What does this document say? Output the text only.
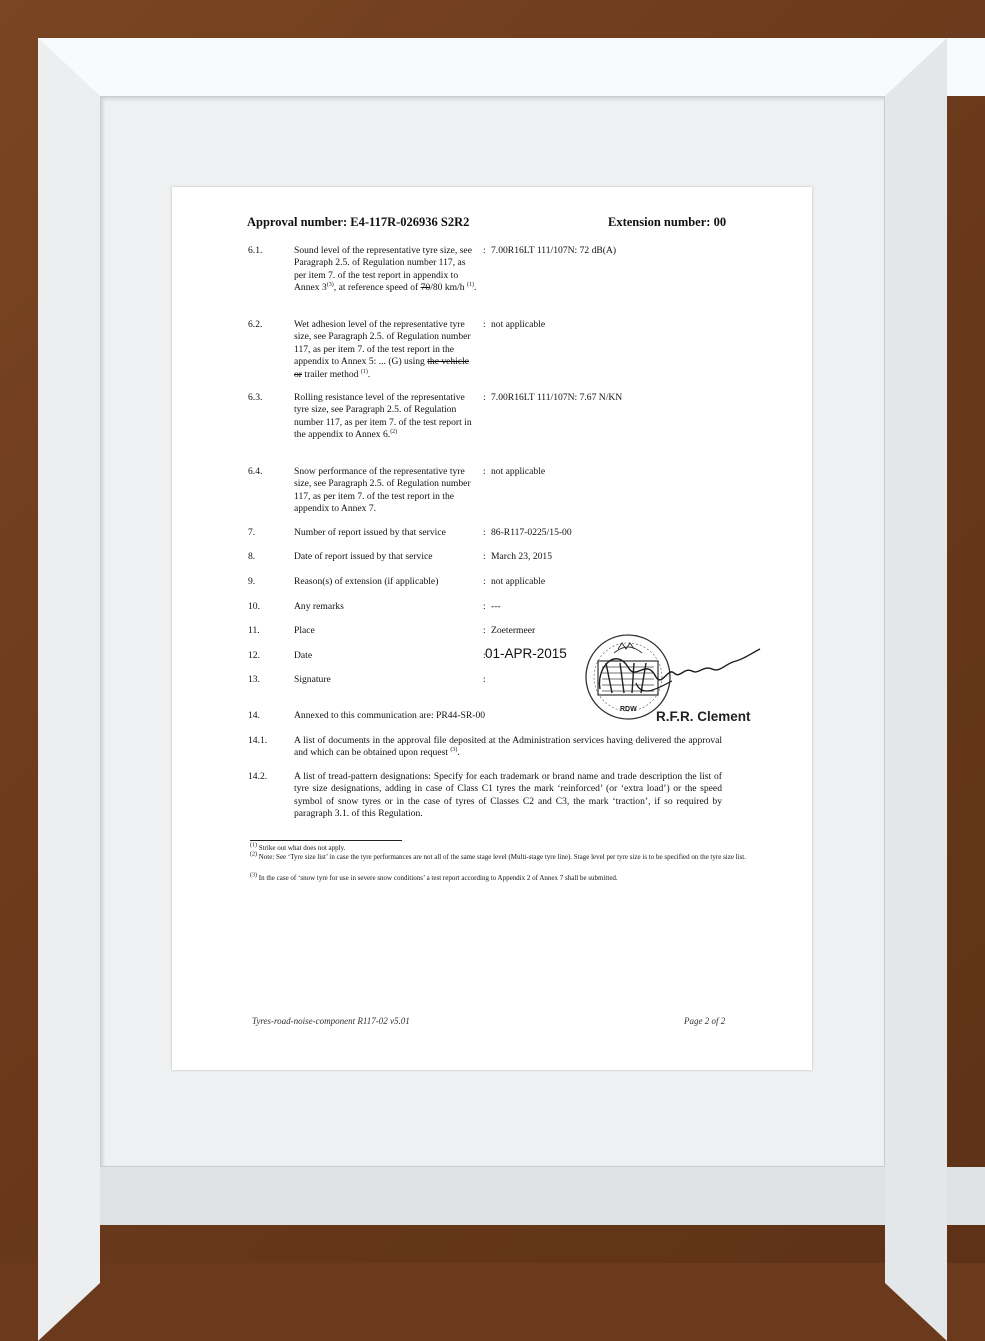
Approval number: E4-117R-026936 S2R2	Extension number: 00
6.1.	Sound level of the representative tyre size, see Paragraph 2.5. of Regulation number 117, as per item 7. of the test report in appendix to Annex 3$^{(3)}$, at reference speed of 70/80 km/h $^{(1)}$.
: 7.00R16LT 111/107N: 72 dB(A)
6.2.	Wet adhesion level of the representative tyre size, see Paragraph 2.5. of Regulation number 117, as per item 7. of the test report in the appendix to Annex 5: ... (G) using the vehicle or trailer method $^{(1)}$.
: not applicable
6.3.	Rolling resistance level of the representative tyre size, see Paragraph 2.5. of Regulation number 117, as per item 7. of the test report in the appendix to Annex 6.$^{(2)}$
: 7.00R16LT 111/107N: 7.67 N/KN
6.4.	Snow performance of the representative tyre size, see Paragraph 2.5. of Regulation number 117, as per item 7. of the test report in the appendix to Annex 7.
: not applicable
7.	Number of report issued by that service	: 86-R117-0225/15-00
8.	Date of report issued by that service	: March 23, 2015
9.	Reason(s) of extension (if applicable)	: not applicable
10.	Any remarks	: ---
11.	Place	: Zoetermeer
12.	Date	: 01-APR-2015
13.	Signature	:
RDW R.F.R. Clement
14.	Annexed to this communication are: PR44-SR-00
14.1.	A list of documents in the approval file deposited at the Administration services having delivered the approval and which can be obtained upon request $^{(3)}$.
14.2.	A list of tread-pattern designations: Specify for each trademark or brand name and trade description the list of tyre size designations, adding in case of Class C1 tyres the mark ‘reinforced’ (or ‘extra load’) or the speed symbol of snow tyres or in the case of tyres of Classes C2 and C3, the mark ‘traction’, if so required by paragraph 3.1. of this Regulation.
$^{(1)}$ Strike out what does not apply.
$^{(2)}$ Note: See ‘Tyre size list’ in case the tyre performances are not all of the same stage level (Multi-stage tyre line). Stage level per tyre size is to be specified on the tyre size list.
$^{(3)}$ In the case of ‘snow tyre for use in severe snow conditions’ a test report according to Appendix 2 of Annex 7 shall be submitted.
Tyres-road-noise-component R117-02 v5.01	Page 2 of 2
